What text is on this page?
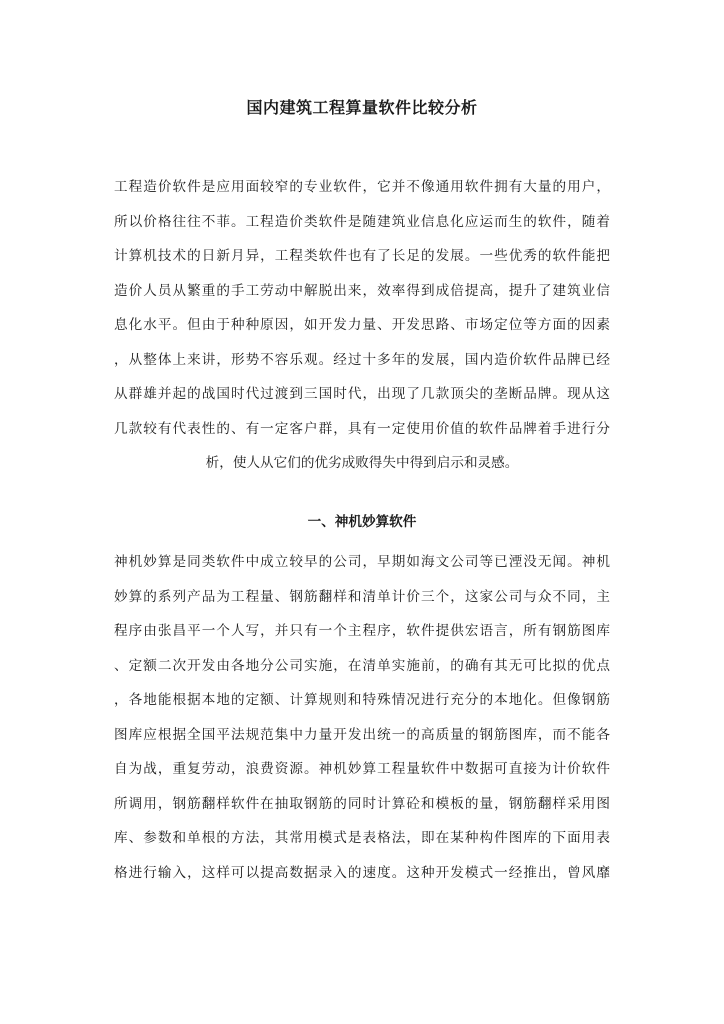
国内建筑工程算量软件比较分析
工程造价软件是应用面较窄的专业软件，它并不像通用软件拥有大量的用户，
所以价格往往不菲。工程造价类软件是随建筑业信息化应运而生的软件，随着
计算机技术的日新月异，工程类软件也有了长足的发展。一些优秀的软件能把
造价人员从繁重的手工劳动中解脱出来，效率得到成倍提高，提升了建筑业信
息化水平。但由于种种原因，如开发力量、开发思路、市场定位等方面的因素
，从整体上来讲，形势不容乐观。经过十多年的发展，国内造价软件品牌已经
从群雄并起的战国时代过渡到三国时代，出现了几款顶尖的垄断品牌。现从这
几款较有代表性的、有一定客户群，具有一定使用价值的软件品牌着手进行分
析，使人从它们的优劣成败得失中得到启示和灵感。
一、神机妙算软件
神机妙算是同类软件中成立较早的公司，早期如海文公司等已湮没无闻。神机
妙算的系列产品为工程量、钢筋翻样和清单计价三个，这家公司与众不同，主
程序由张昌平一个人写，并只有一个主程序，软件提供宏语言，所有钢筋图库
、定额二次开发由各地分公司实施，在清单实施前，的确有其无可比拟的优点
，各地能根据本地的定额、计算规则和特殊情况进行充分的本地化。但像钢筋
图库应根据全国平法规范集中力量开发出统一的高质量的钢筋图库，而不能各
自为战，重复劳动，浪费资源。神机妙算工程量软件中数据可直接为计价软件
所调用，钢筋翻样软件在抽取钢筋的同时计算砼和模板的量，钢筋翻样采用图
库、参数和单根的方法，其常用模式是表格法，即在某种构件图库的下面用表
格进行输入，这样可以提高数据录入的速度。这种开发模式一经推出，曾风靡
